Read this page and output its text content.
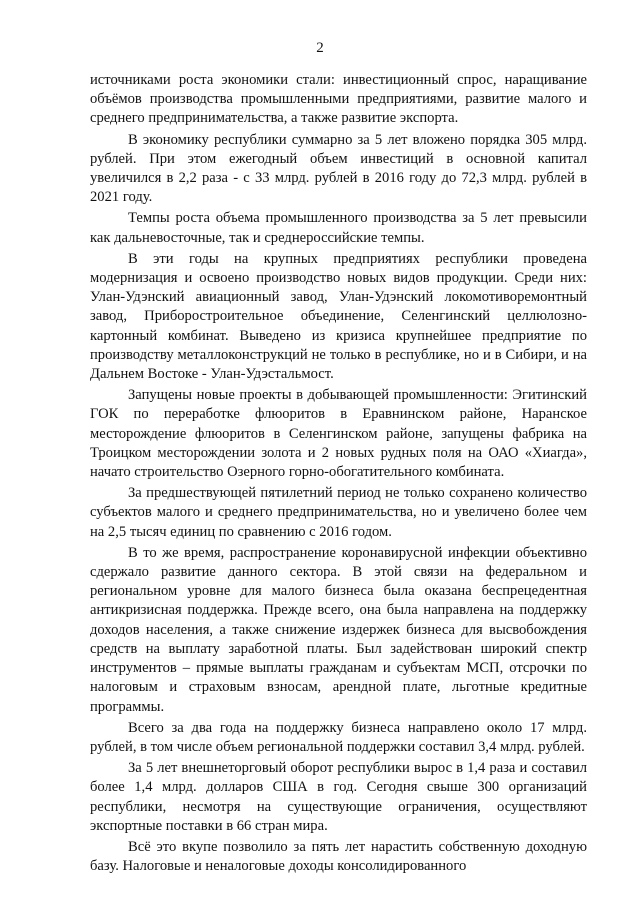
2

источниками роста экономики стали: инвестиционный спрос, наращивание объёмов производства промышленными предприятиями, развитие малого и среднего предпринимательства, а также развитие экспорта.

В экономику республики суммарно за 5 лет вложено порядка 305 млрд. рублей. При этом ежегодный объем инвестиций в основной капитал увеличился в 2,2 раза - с 33 млрд. рублей в 2016 году до 72,3 млрд. рублей в 2021 году.

Темпы роста объема промышленного производства за 5 лет превысили как дальневосточные, так и среднероссийские темпы.

В эти годы на крупных предприятиях республики проведена модернизация и освоено производство новых видов продукции. Среди них: Улан-Удэнский авиационный завод, Улан-Удэнский локомотиворемонтный завод, Приборостроительное объединение, Селенгинский целлюлозно-картонный комбинат. Выведено из кризиса крупнейшее предприятие по производству металлоконструкций не только в республике, но и в Сибири, и на Дальнем Востоке - Улан-Удэстальмост.

Запущены новые проекты в добывающей промышленности: Эгитинский ГОК по переработке флюоритов в Еравнинском районе, Наранское месторождение флюоритов в Селенгинском районе, запущены фабрика на Троицком месторождении золота и 2 новых рудных поля на ОАО «Хиагда», начато строительство Озерного горно-обогатительного комбината.

За предшествующей пятилетний период не только сохранено количество субъектов малого и среднего предпринимательства, но и увеличено более чем на 2,5 тысяч единиц по сравнению с 2016 годом.

В то же время, распространение коронавирусной инфекции объективно сдержало развитие данного сектора. В этой связи на федеральном и региональном уровне для малого бизнеса была оказана беспрецедентная антикризисная поддержка. Прежде всего, она была направлена на поддержку доходов населения, а также снижение издержек бизнеса для высвобождения средств на выплату заработной платы. Был задействован широкий спектр инструментов – прямые выплаты гражданам и субъектам МСП, отсрочки по налоговым и страховым взносам, арендной плате, льготные кредитные программы.

Всего за два года на поддержку бизнеса направлено около 17 млрд. рублей, в том числе объем региональной поддержки составил 3,4 млрд. рублей.

За 5 лет внешнеторговый оборот республики вырос в 1,4 раза и составил более 1,4 млрд. долларов США в год. Сегодня свыше 300 организаций республики, несмотря на существующие ограничения, осуществляют экспортные поставки в 66 стран мира.

Всё это вкупе позволило за пять лет нарастить собственную доходную базу. Налоговые и неналоговые доходы консолидированного
